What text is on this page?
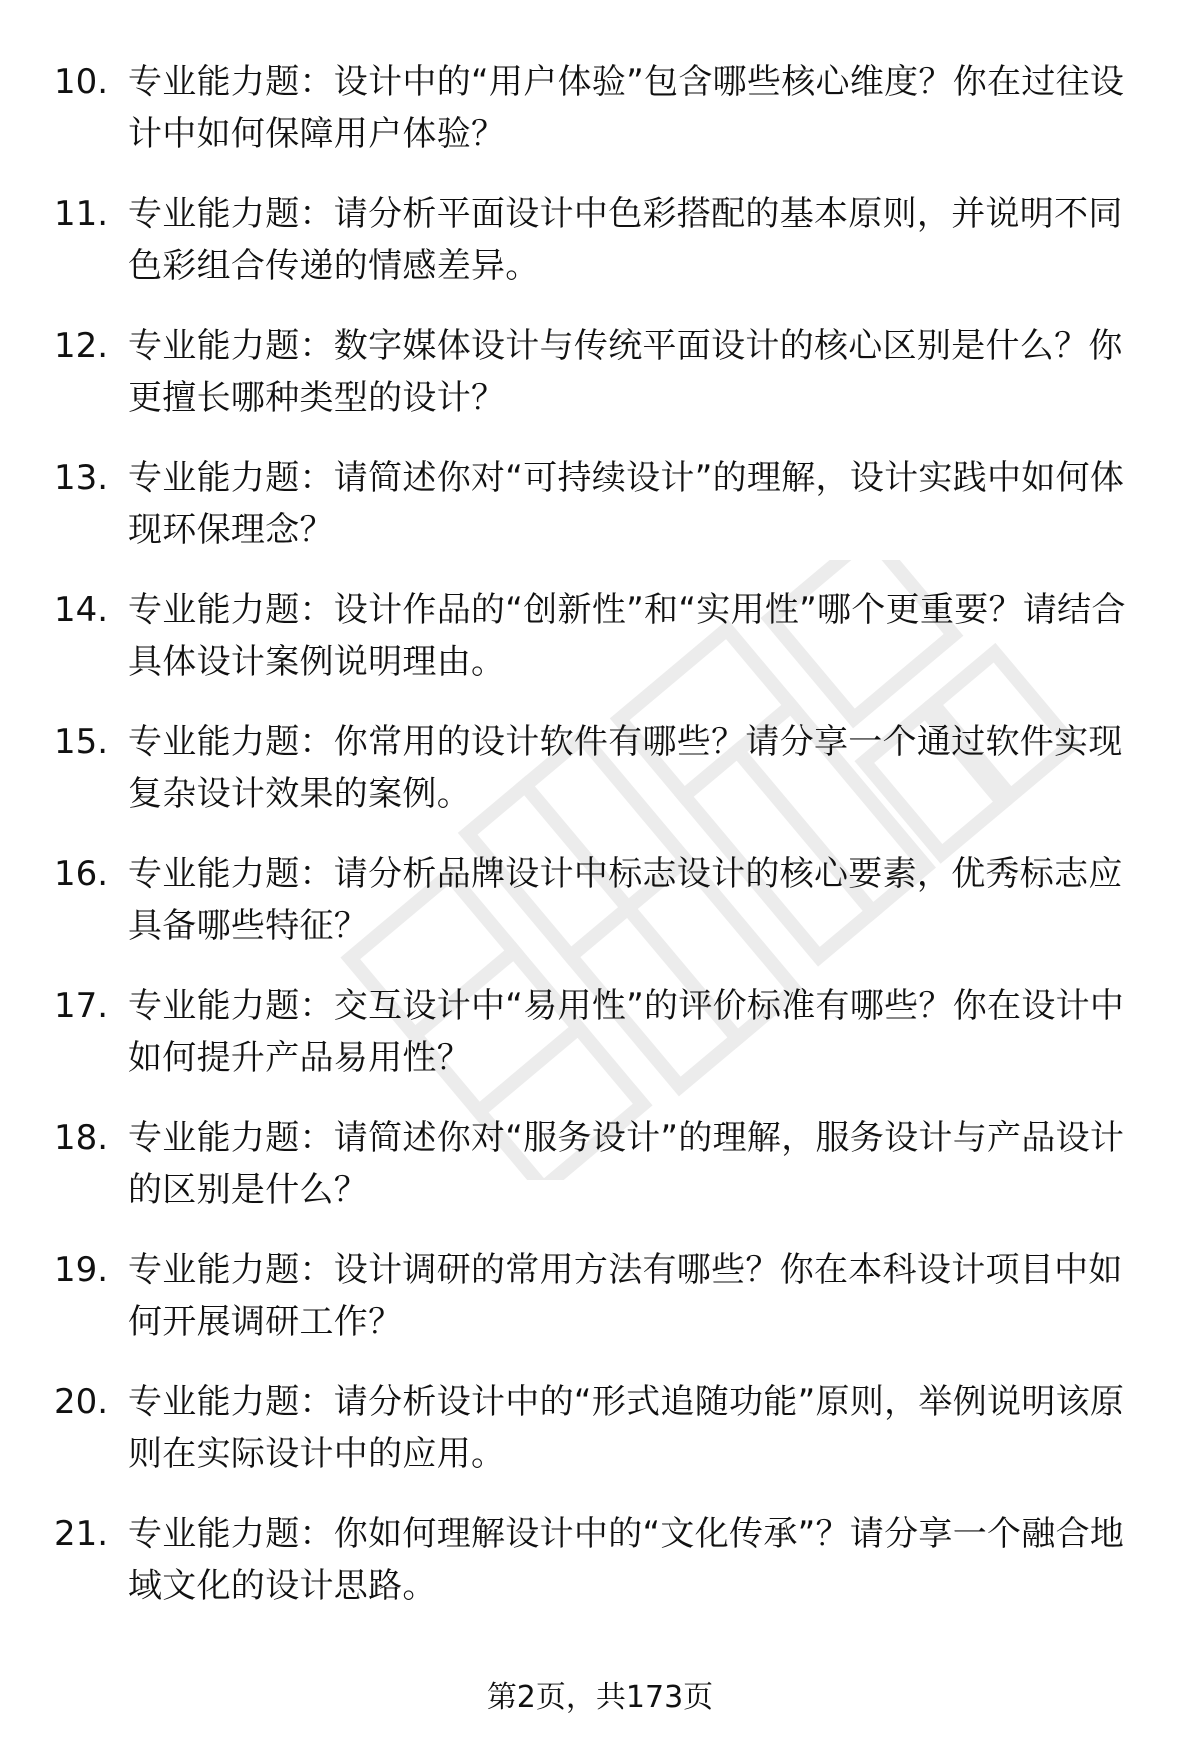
10. 专业能力题：设计中的“用户体验”包含哪些核心维度？你在过往设计中如何保障用户体验？
11. 专业能力题：请分析平面设计中色彩搭配的基本原则，并说明不同色彩组合传递的情感差异。
12. 专业能力题：数字媒体设计与传统平面设计的核心区别是什么？你更擅长哪种类型的设计？
13. 专业能力题：请简述你对“可持续设计”的理解，设计实践中如何体现环保理念？
14. 专业能力题：设计作品的“创新性”和“实用性”哪个更重要？请结合具体设计案例说明理由。
15. 专业能力题：你常用的设计软件有哪些？请分享一个通过软件实现复杂设计效果的案例。
16. 专业能力题：请分析品牌设计中标志设计的核心要素，优秀标志应具备哪些特征？
17. 专业能力题：交互设计中“易用性”的评价标准有哪些？你在设计中如何提升产品易用性？
18. 专业能力题：请简述你对“服务设计”的理解，服务设计与产品设计的区别是什么？
19. 专业能力题：设计调研的常用方法有哪些？你在本科设计项目中如何开展调研工作？
20. 专业能力题：请分析设计中的“形式追随功能”原则，举例说明该原则在实际设计中的应用。
21. 专业能力题：你如何理解设计中的“文化传承”？请分享一个融合地域文化的设计思路。
第2页，共173页
